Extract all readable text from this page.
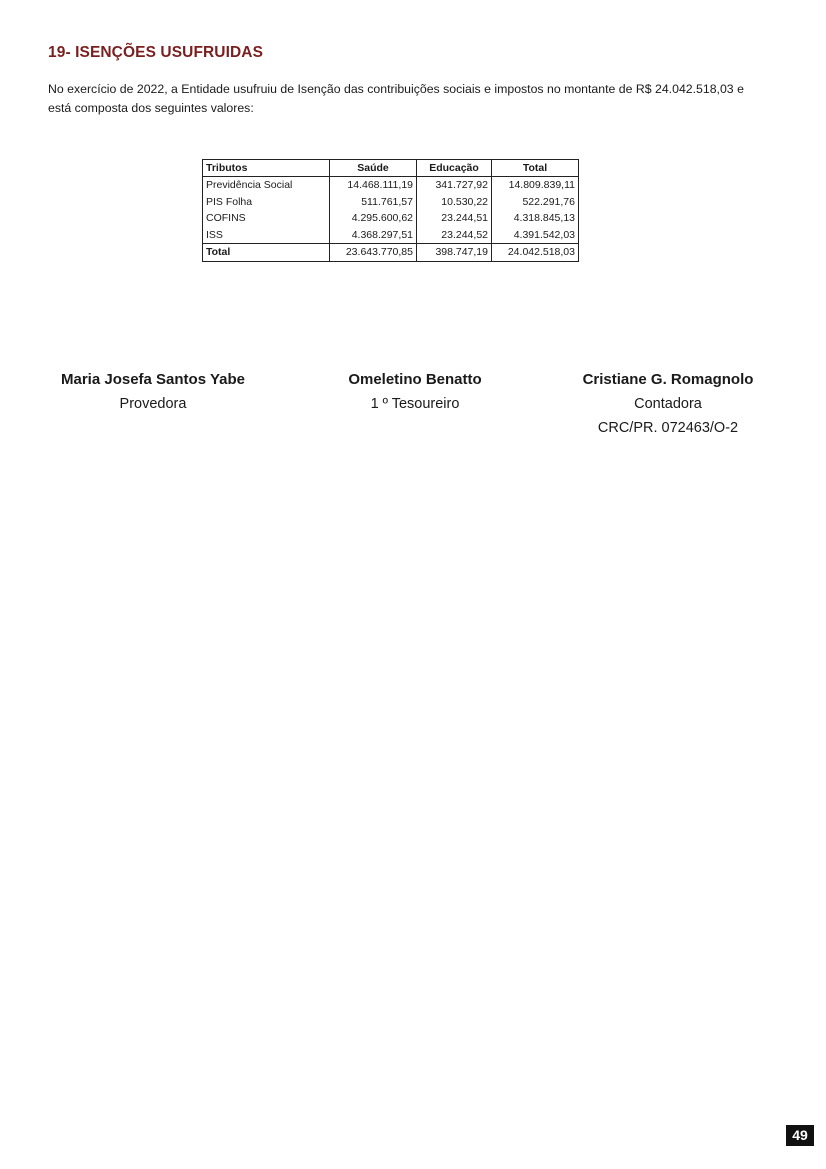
19- ISENÇÕES USUFRUIDAS
No exercício de 2022, a Entidade usufruiu de Isenção das contribuições sociais e impostos no montante de R$ 24.042.518,03 e está composta dos seguintes valores:
Tributos	Saúde	Educação	Total
Previdência Social	14.468.111,19	341.727,92	14.809.839,11
PIS Folha	511.761,57	10.530,22	522.291,76
COFINS	4.295.600,62	23.244,51	4.318.845,13
ISS	4.368.297,51	23.244,52	4.391.542,03
Total	23.643.770,85	398.747,19	24.042.518,03
Maria Josefa Santos Yabe
Provedora
Omeletino Benatto
1 º Tesoureiro
Cristiane G. Romagnolo
Contadora
CRC/PR. 072463/O-2
49
